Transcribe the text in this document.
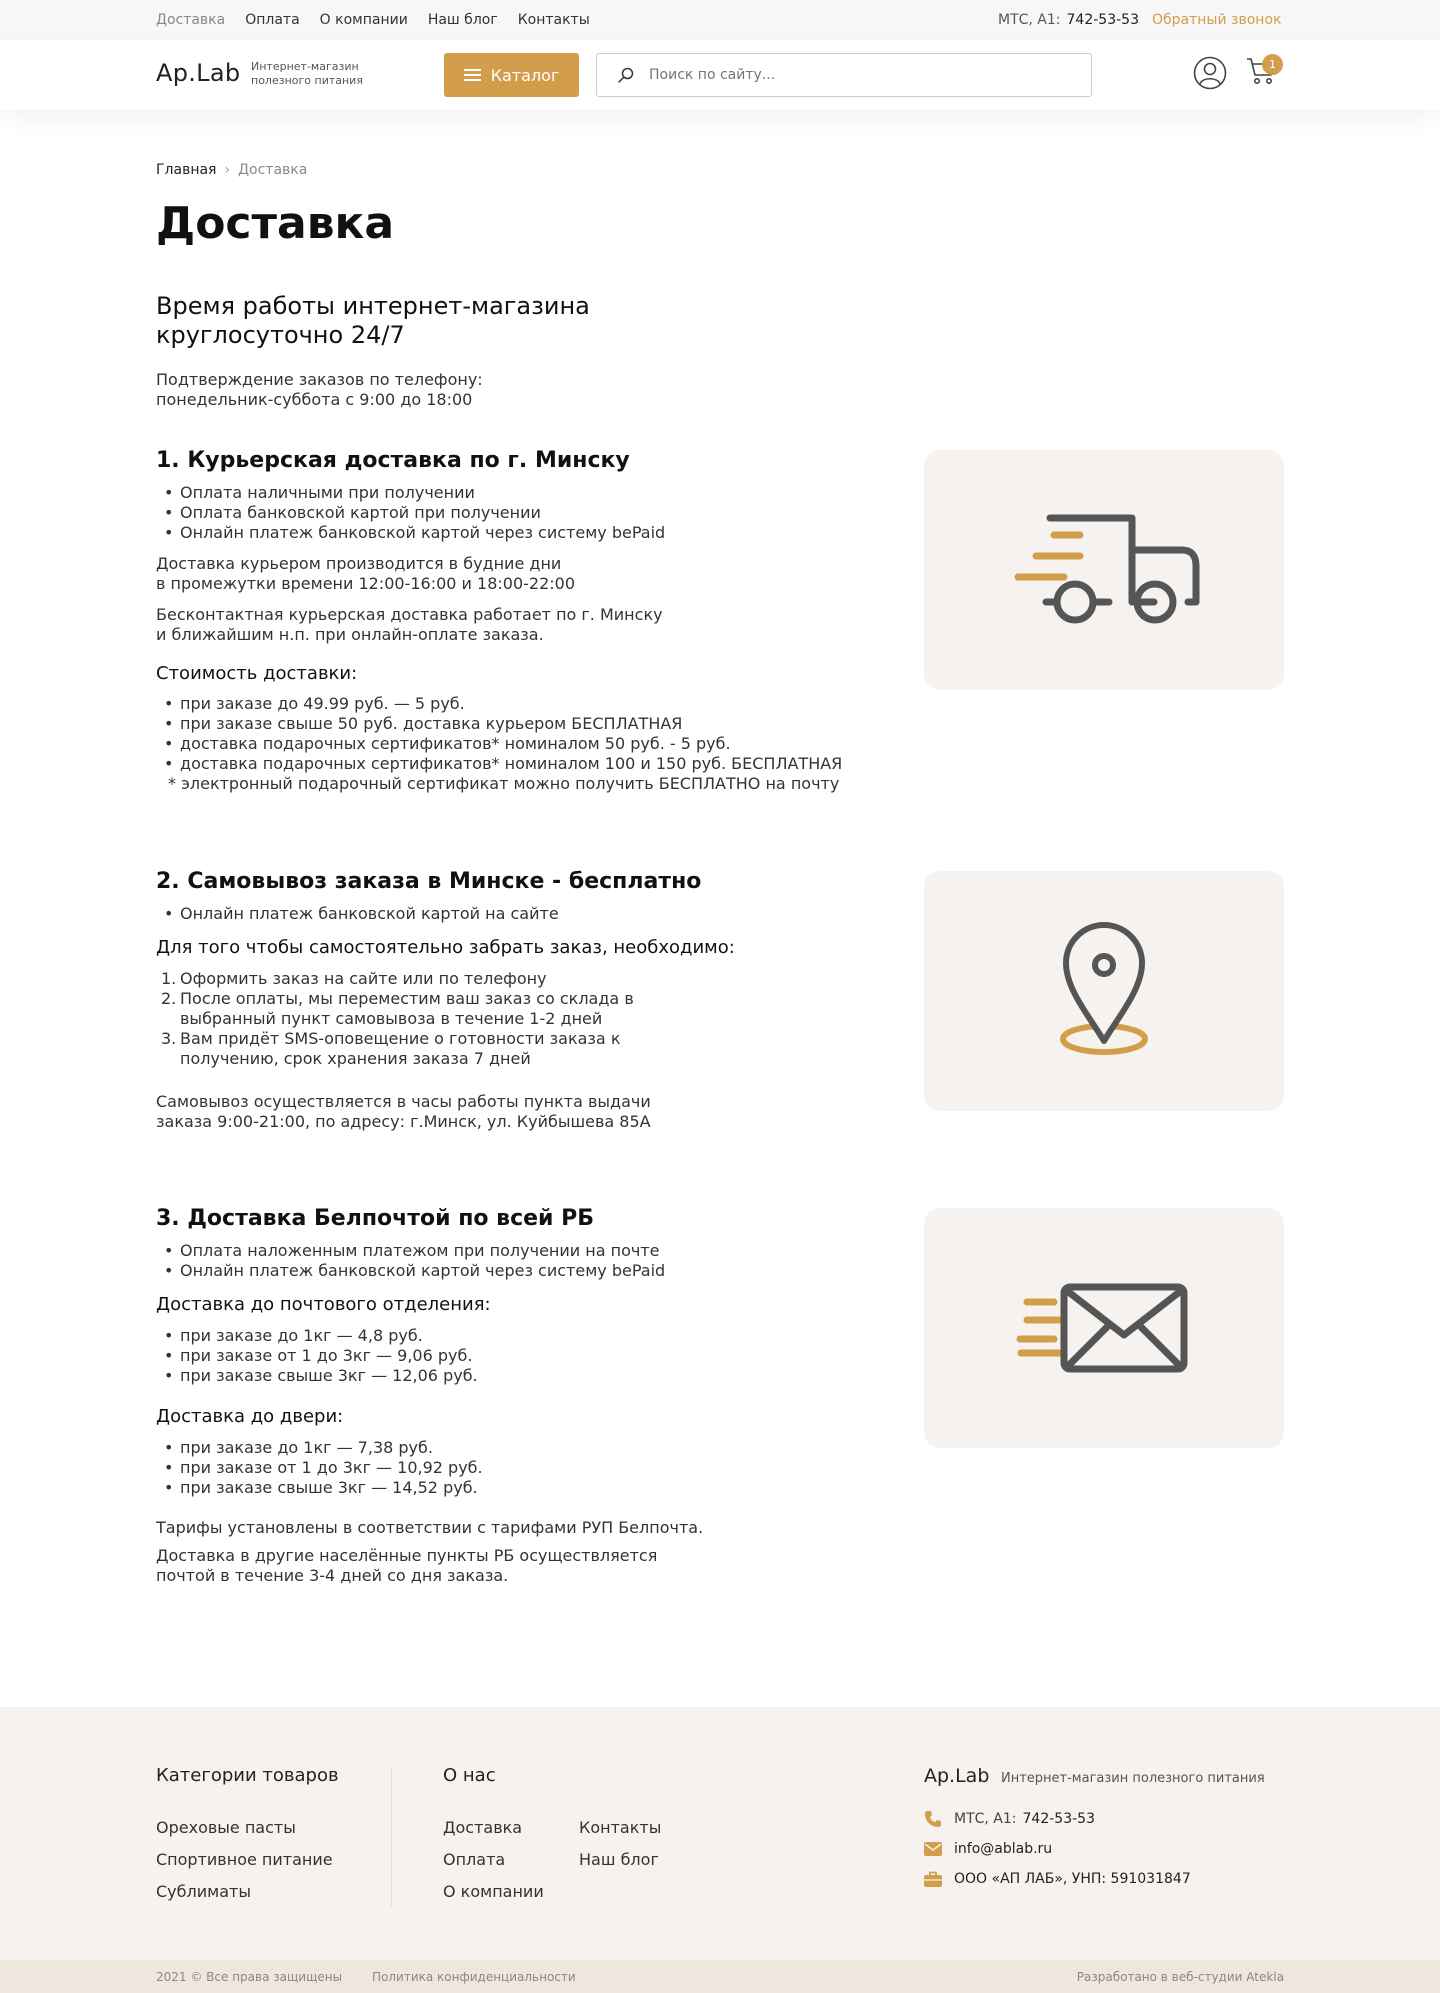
Доставка Оплата О компании Наш блог Контакты	МТС, А1: 742-53-53 Обратный звонок
Ap.Lab Интернет-магазин
полезного питания	Каталог
Поиск по сайту...
1
Главная › Доставка
Доставка
Время работы интернет-магазина
круглосуточно 24/7
Подтверждение заказов по телефону:
понедельник-суббота с 9:00 до 18:00
1. Курьерская доставка по г. Минску
• Оплата наличными при получении
• Оплата банковской картой при получении
• Онлайн платеж банковской картой через систему bePaid
Доставка курьером производится в будние дни
в промежутки времени 12:00-16:00 и 18:00-22:00
Бесконтактная курьерская доставка работает по г. Минску
и ближайшим н.п. при онлайн-оплате заказа.
Стоимость доставки:
• при заказе до 49.99 руб. — 5 руб.
• при заказе свыше 50 руб. доставка курьером БЕСПЛАТНАЯ
• доставка подарочных сертификатов* номиналом 50 руб. - 5 руб.
• доставка подарочных сертификатов* номиналом 100 и 150 руб. БЕСПЛАТНАЯ
* электронный подарочный сертификат можно получить БЕСПЛАТНО на почту
2. Самовывоз заказа в Минске - бесплатно
• Онлайн платеж банковской картой на сайте
Для того чтобы самостоятельно забрать заказ, необходимо:
1. Оформить заказ на сайте или по телефону
2. После оплаты, мы переместим ваш заказ со склада в
выбранный пункт самовывоза в течение 1-2 дней
3. Вам придёт SMS-оповещение о готовности заказа к
получению, срок хранения заказа 7 дней
Самовывоз осуществляется в часы работы пункта выдачи
заказа 9:00-21:00, по адресу: г.Минск, ул. Куйбышева 85А
3. Доставка Белпочтой по всей РБ
• Оплата наложенным платежом при получении на почте
• Онлайн платеж банковской картой через систему bePaid
Доставка до почтового отделения:
• при заказе до 1кг — 4,8 руб.
• при заказе от 1 до 3кг — 9,06 руб.
• при заказе свыше 3кг — 12,06 руб.
Доставка до двери:
• при заказе до 1кг — 7,38 руб.
• при заказе от 1 до 3кг — 10,92 руб.
• при заказе свыше 3кг — 14,52 руб.
Тарифы установлены в соответствии с тарифами РУП Белпочта.
Доставка в другие населённые пункты РБ осуществляется
почтой в течение 3-4 дней со дня заказа.
Категории товаров
Ореховые пасты
Спортивное питание
Сублиматы
О нас
Доставка
Оплата
О компании
Контакты
Наш блог
Ap.Lab Интернет-магазин полезного питания
МТС, А1: 742-53-53
info@ablab.ru
ООО «АП ЛАБ», УНП: 591031847
2021 © Все права защищены Политика конфиденциальности	Разработано в веб-студии Atekla
